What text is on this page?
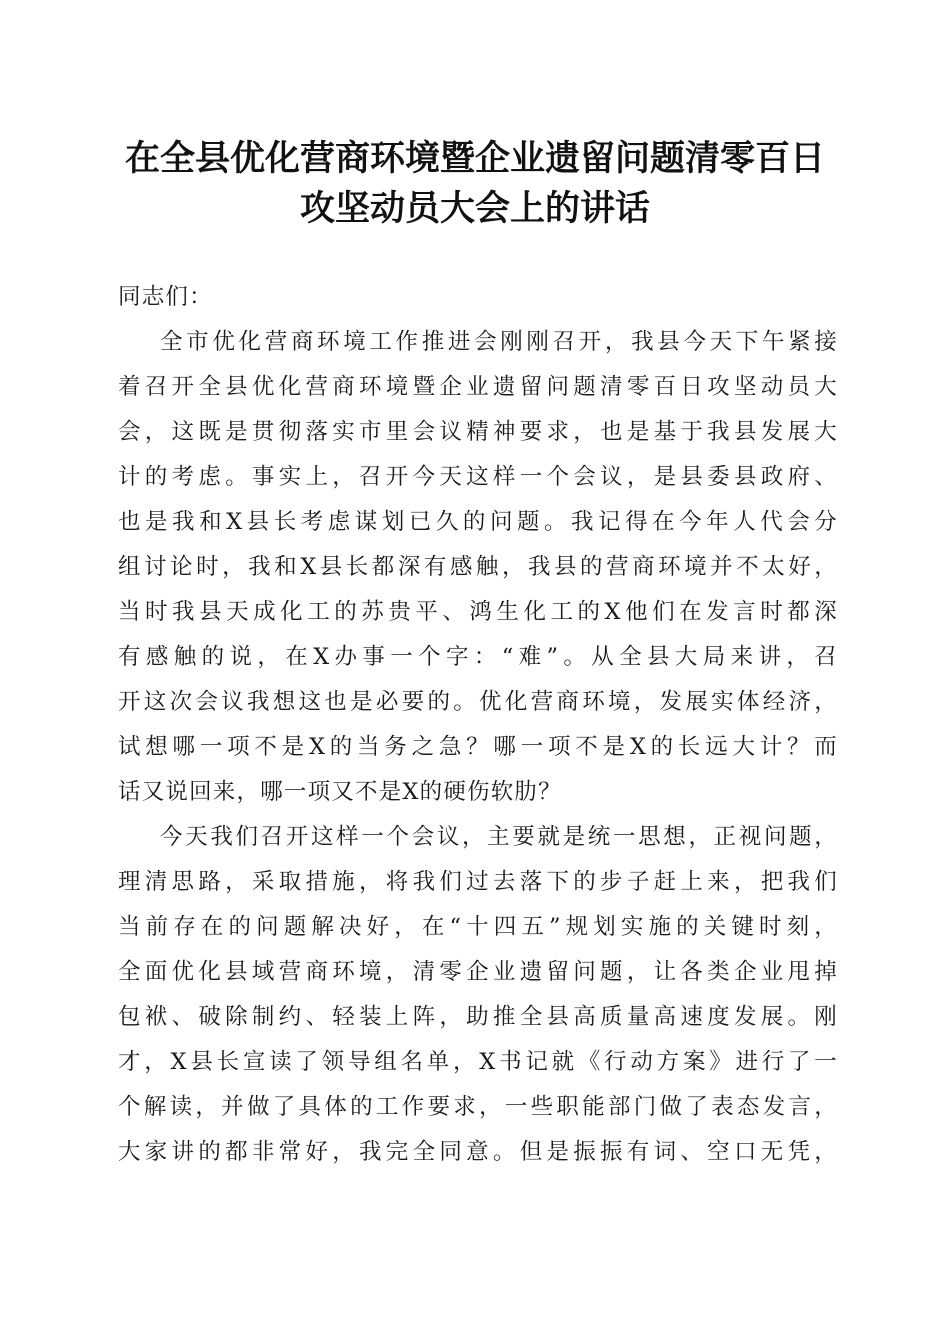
在全县优化营商环境暨企业遗留问题清零百日
攻坚动员大会上的讲话
同志们：
全市优化营商环境工作推进会刚刚召开，我县今天下午紧接
着召开全县优化营商环境暨企业遗留问题清零百日攻坚动员大
会，这既是贯彻落实市里会议精神要求，也是基于我县发展大
计的考虑。事实上，召开今天这样一个会议，是县委县政府、
也是我和X县长考虑谋划已久的问题。我记得在今年人代会分
组讨论时，我和X县长都深有感触，我县的营商环境并不太好，
当时我县天成化工的苏贵平、鸿生化工的X他们在发言时都深
有感触的说，在X办事一个字：“难”。从全县大局来讲，召
开这次会议我想这也是必要的。优化营商环境，发展实体经济，
试想哪一项不是X的当务之急？哪一项不是X的长远大计？而
话又说回来，哪一项又不是X的硬伤软肋？
今天我们召开这样一个会议，主要就是统一思想，正视问题，
理清思路，采取措施，将我们过去落下的步子赶上来，把我们
当前存在的问题解决好，在“十四五”规划实施的关键时刻，
全面优化县域营商环境，清零企业遗留问题，让各类企业甩掉
包袱、破除制约、轻装上阵，助推全县高质量高速度发展。刚
才，X县长宣读了领导组名单，X书记就《行动方案》进行了一
个解读，并做了具体的工作要求，一些职能部门做了表态发言，
大家讲的都非常好，我完全同意。但是振振有词、空口无凭，
